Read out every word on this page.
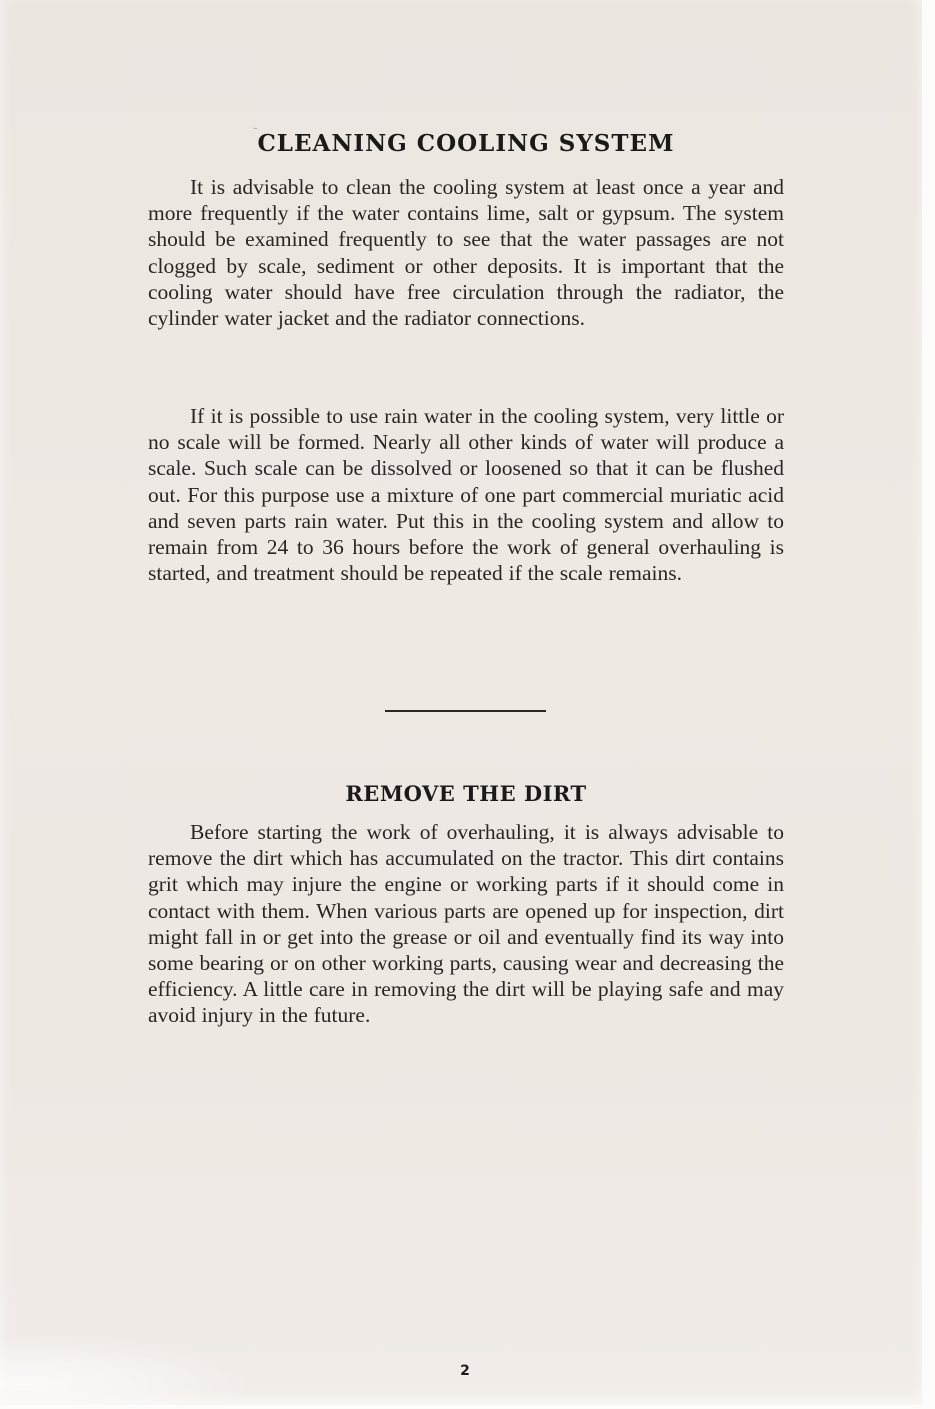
CLEANING COOLING SYSTEM

It is advisable to clean the cooling system at least once a year and more frequently if the water contains lime, salt or gypsum. The system should be examined frequently to see that the water passages are not clogged by scale, sediment or other deposits. It is important that the cooling water should have free circulation through the radiator, the cylinder water jacket and the radiator connections.

If it is possible to use rain water in the cooling system, very little or no scale will be formed. Nearly all other kinds of water will produce a scale. Such scale can be dissolved or loosened so that it can be flushed out. For this purpose use a mixture of one part commercial muriatic acid and seven parts rain water. Put this in the cooling system and allow to remain from 24 to 36 hours before the work of general overhauling is started, and treatment should be repeated if the scale remains.

REMOVE THE DIRT

Before starting the work of overhauling, it is always advisable to remove the dirt which has accumulated on the tractor. This dirt contains grit which may injure the engine or working parts if it should come in contact with them. When various parts are opened up for inspection, dirt might fall in or get into the grease or oil and eventually find its way into some bearing or on other working parts, causing wear and decreasing the efficiency. A little care in removing the dirt will be playing safe and may avoid injury in the future.

-
2
